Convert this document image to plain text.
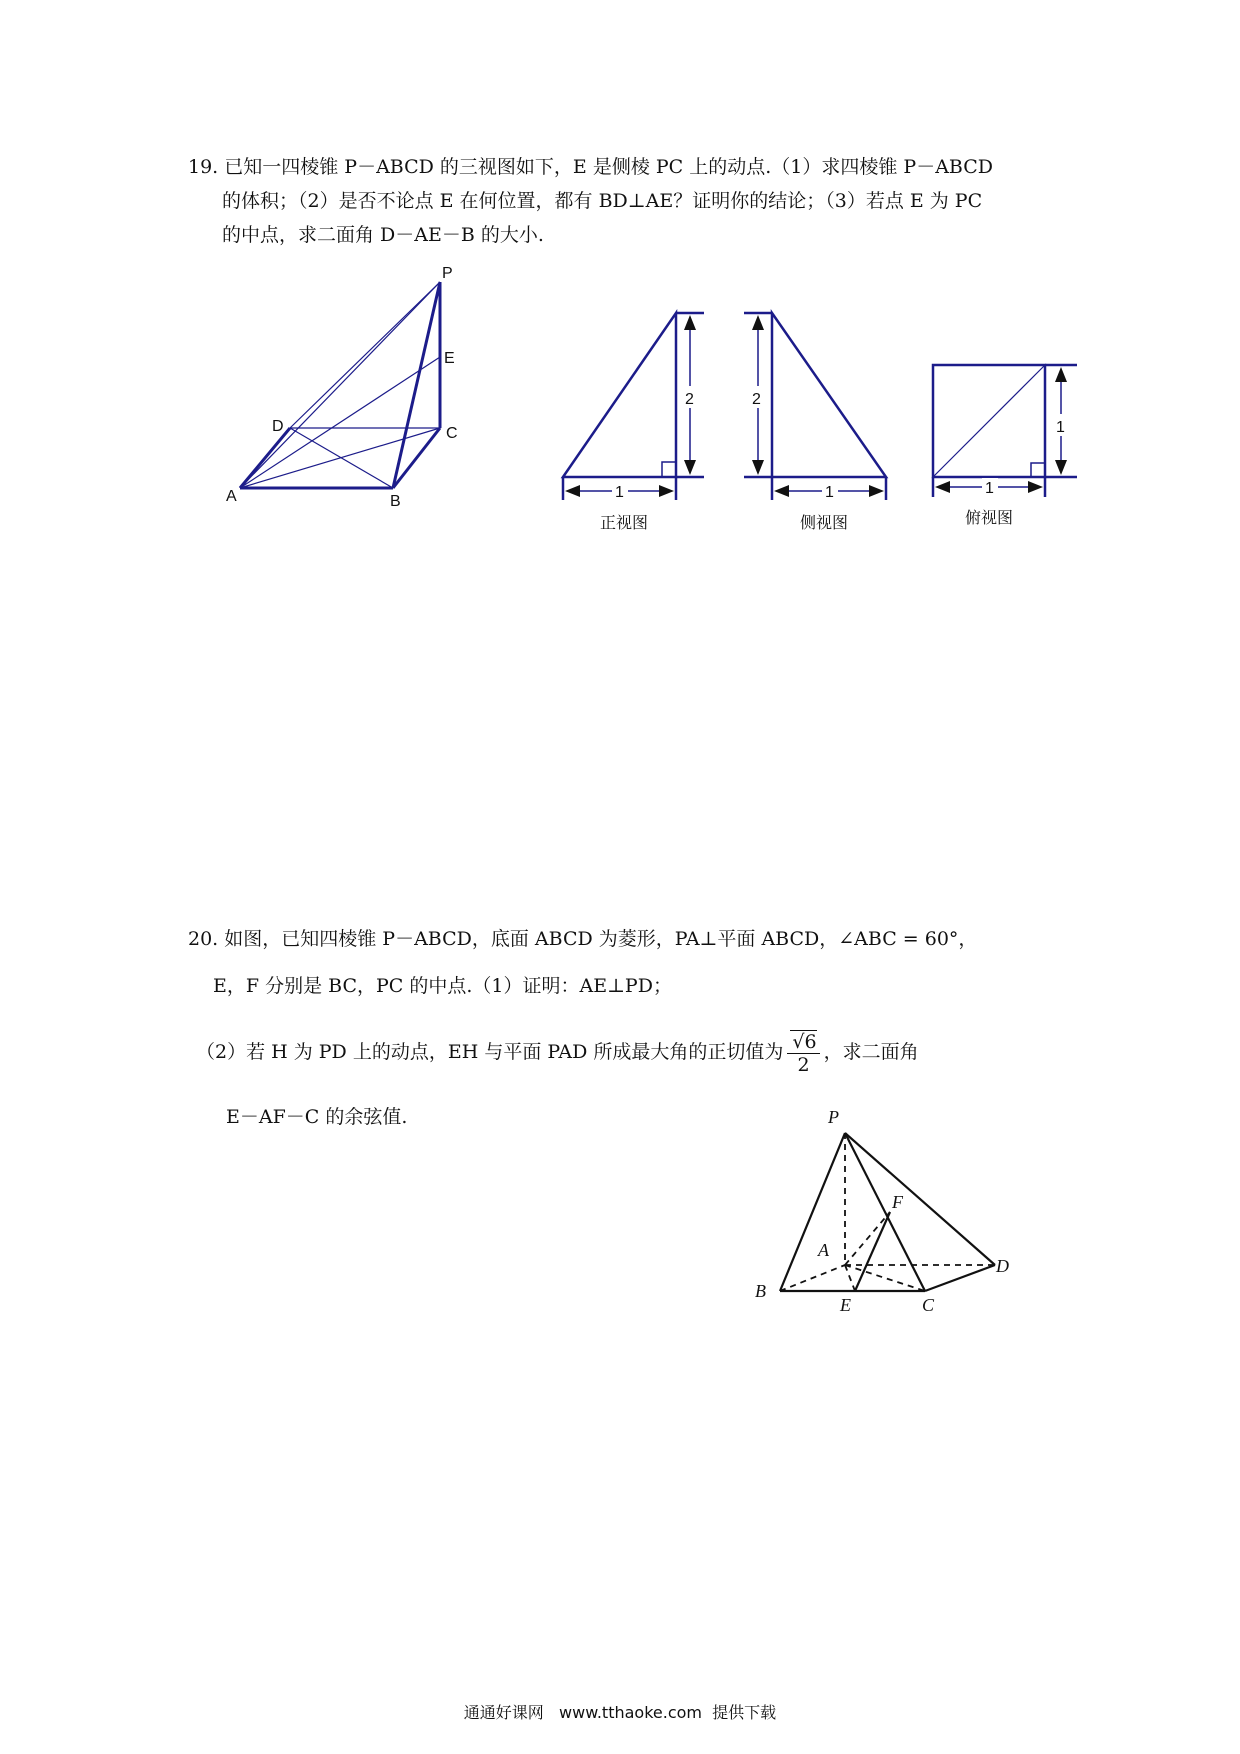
19. 已知一四棱锥 P－ABCD 的三视图如下，E 是侧棱 PC 上的动点.（1）求四棱锥 P－ABCD
的体积；（2）是否不论点 E 在何位置，都有 BD⊥AE？证明你的结论；（3）若点 E 为 PC
的中点，求二面角 D－AE－B 的大小.
P
E
D	C
A	B
2
1
正视图
2
1
侧视图
1
1
俯视图
P
F
A
D
B
E	C
20. 如图，已知四棱锥 P－ABCD，底面 ABCD 为菱形，PA⊥平面 ABCD，∠ABC = 60°，
E，F 分别是 BC，PC 的中点.（1）证明：AE⊥PD；
（2）若 H 为 PD 上的动点，EH 与平面 PAD 所成最大角的正切值为 $\frac{√6}{2}$ ，求二面角
E－AF－C 的余弦值.
通通好课网   www.tthaoke.com  提供下载
